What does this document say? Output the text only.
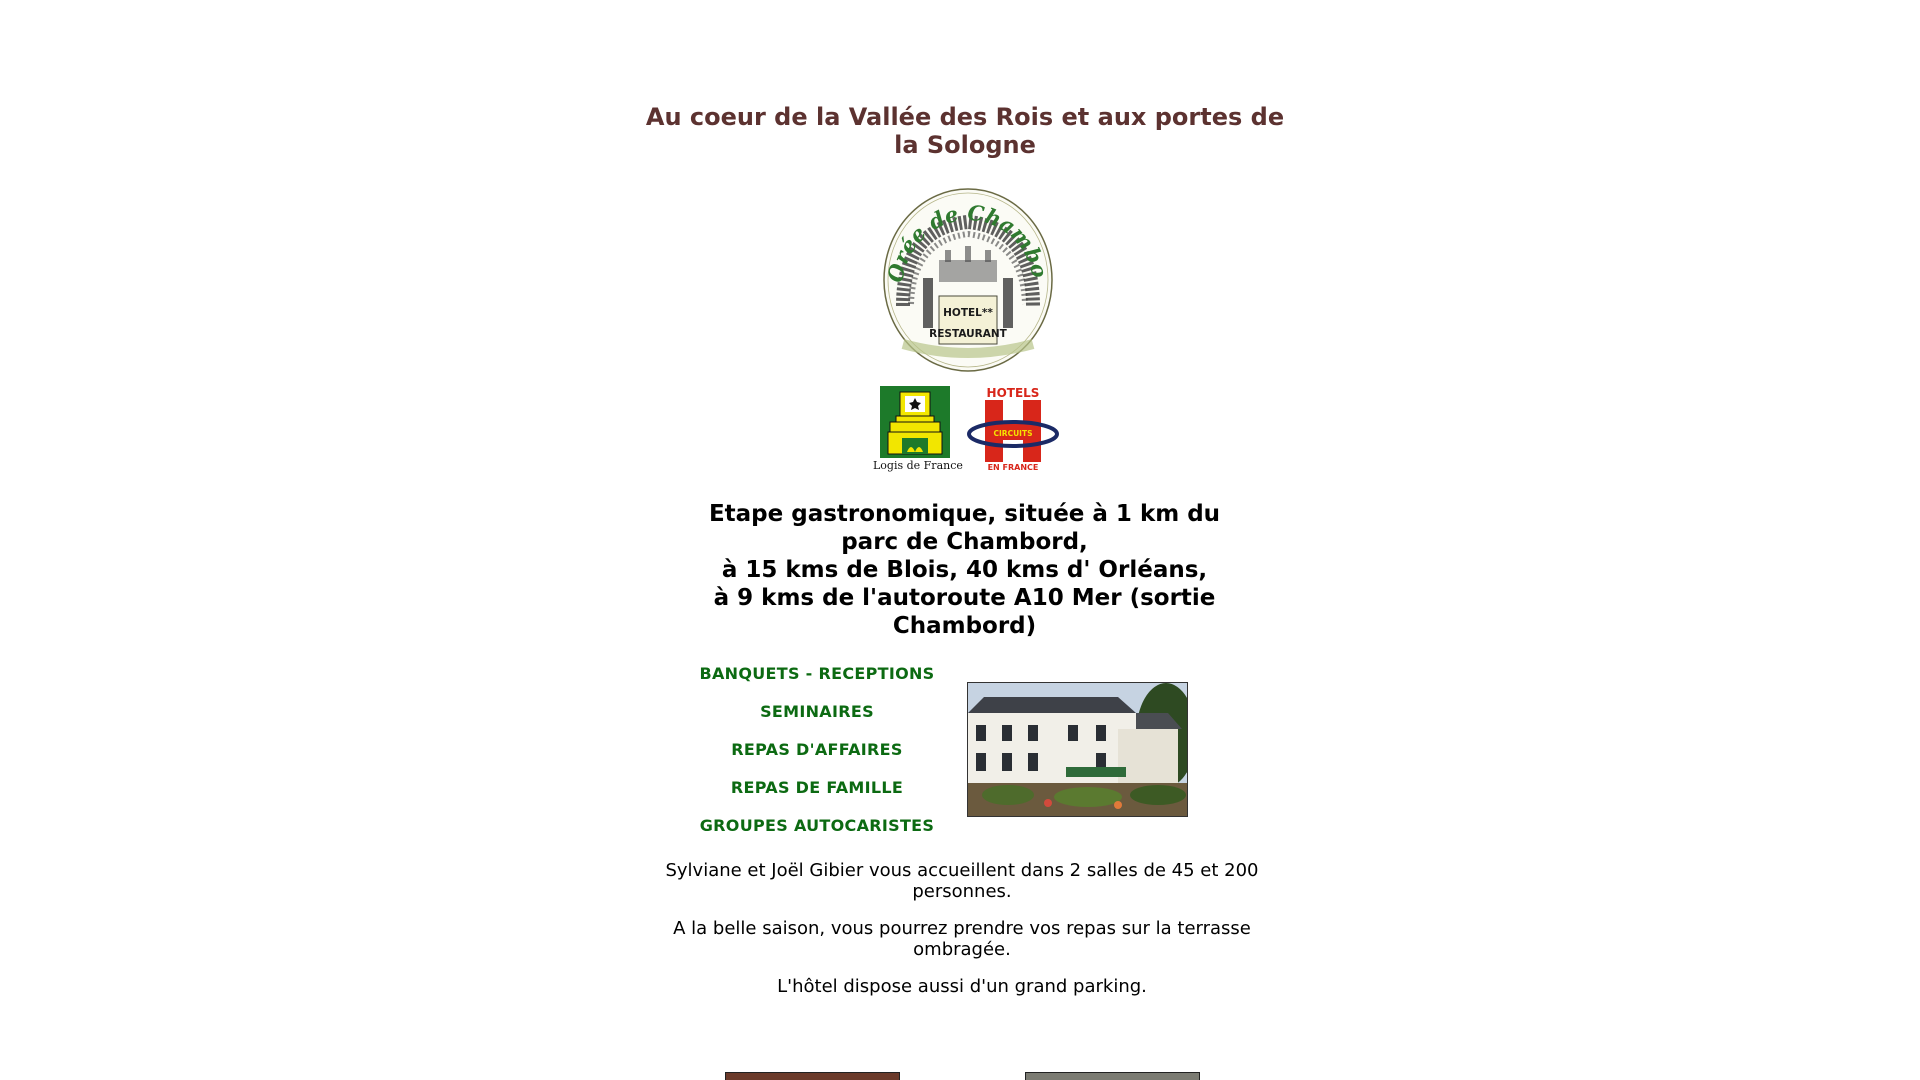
Au coeur de la Vallée des Rois et aux portes de la Sologne
Orée de Chambo
HOTEL**
RESTAURANT
Logis de France
HOTELS
CIRCUITS
EN FRANCE
Etape gastronomique, située à 1 km du parc de Chambord,
à 15 kms de Blois, 40 kms d' Orléans,
à 9 kms de l'autoroute A10 Mer (sortie Chambord)
BANQUETS - RECEPTIONS
SEMINAIRES
REPAS D'AFFAIRES
REPAS DE FAMILLE
GROUPES AUTOCARISTES
Sylviane et Joël Gibier vous accueillent dans 2 salles de 45 et 200 personnes.
A la belle saison, vous pourrez prendre vos repas sur la terrasse ombragée.
L'hôtel dispose aussi d'un grand parking.
